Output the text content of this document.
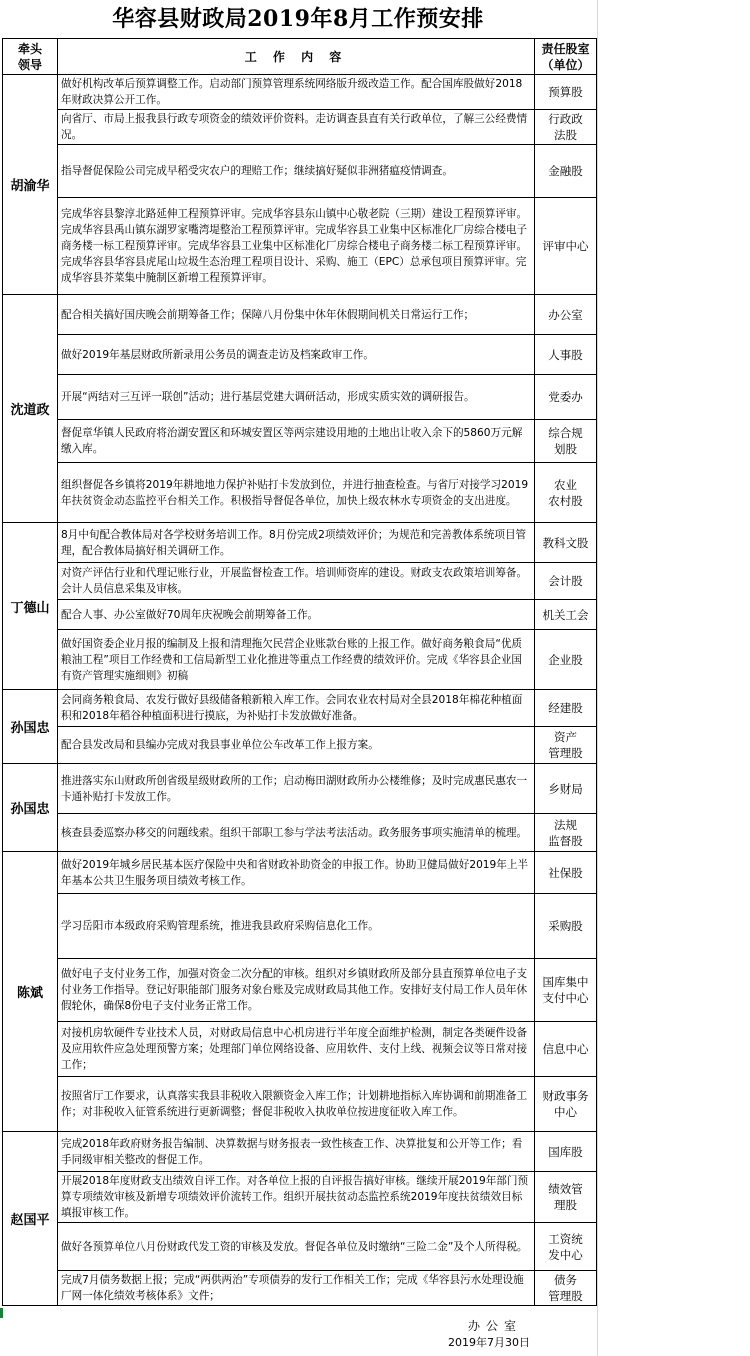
华容县财政局2019年8月工作预安排
牵头
领导	工 作 内 容	责任股室
（单位）
胡渝华	做好机构改革后预算调整工作。启动部门预算管理系统网络版升级改造工作。配合国库股做好2018年财政决算公开工作。	预算股
	向省厅、市局上报我县行政专项资金的绩效评价资料。走访调查县直有关行政单位，了解三公经费情况。	行政政
法股
	指导督促保险公司完成早稻受灾农户的理赔工作；继续搞好疑似非洲猪瘟疫情调查。	金融股
	完成华容县黎淳北路延伸工程预算评审。完成华容县东山镇中心敬老院（三期）建设工程预算评审。完成华容县禹山镇东湖罗家嘴湾堤整治工程预算评审。完成华容县工业集中区标准化厂房综合楼电子商务楼一标工程预算评审。完成华容县工业集中区标准化厂房综合楼电子商务楼二标工程预算评审。完成华容县华容县虎尾山垃圾生态治理工程项目设计、采购、施工（EPC）总承包项目预算评审。完成华容县芥菜集中腌制区新增工程预算评审。	评审中心
沈道政	配合相关搞好国庆晚会前期筹备工作；保障八月份集中休年休假期间机关日常运行工作；	办公室
	做好2019年基层财政所新录用公务员的调查走访及档案政审工作。	人事股
	开展“两结对三互评一联创”活动；进行基层党建大调研活动，形成实质实效的调研报告。	党委办
	督促章华镇人民政府将治湖安置区和环城安置区等两宗建设用地的土地出让收入余下的5860万元解缴入库。	综合规
划股
	组织督促各乡镇将2019年耕地地力保护补贴打卡发放到位，并进行抽查检查。与省厅对接学习2019年扶贫资金动态监控平台相关工作。积极指导督促各单位，加快上级农林水专项资金的支出进度。	农业
农村股
丁德山	8月中旬配合教体局对各学校财务培训工作。8月份完成2项绩效评价；为规范和完善教体系统项目管理，配合教体局搞好相关调研工作。	教科文股
	对资产评估行业和代理记账行业，开展监督检查工作。培训师资库的建设。财政支农政策培训筹备。会计人员信息采集及审核。	会计股
	配合人事、办公室做好70周年庆祝晚会前期筹备工作。	机关工会
	做好国资委企业月报的编制及上报和清理拖欠民营企业账款台账的上报工作。做好商务粮食局“优质粮油工程”项目工作经费和工信局新型工业化推进等重点工作经费的绩效评价。完成《华容县企业国有资产管理实施细则》初稿	企业股
孙国忠	会同商务粮食局、农发行做好县级储备粮新粮入库工作。会同农业农村局对全县2018年棉花种植面积和2018年稻谷种植面积进行摸底，为补贴打卡发放做好准备。	经建股
	配合县发改局和县编办完成对我县事业单位公车改革工作上报方案。	资产
管理股
孙国忠	推进落实东山财政所创省级星级财政所的工作；启动梅田湖财政所办公楼维修；及时完成惠民惠农一卡通补贴打卡发放工作。	乡财局
	核查县委巡察办移交的问题线索。组织干部职工参与学法考法活动。政务服务事项实施清单的梳理。	法规
监督股
陈斌	做好2019年城乡居民基本医疗保险中央和省财政补助资金的申报工作。协助卫健局做好2019年上半年基本公共卫生服务项目绩效考核工作。	社保股
	学习岳阳市本级政府采购管理系统，推进我县政府采购信息化工作。	采购股
	做好电子支付业务工作，加强对资金二次分配的审核。组织对乡镇财政所及部分县直预算单位电子支付业务工作指导。登记好职能部门服务对象台账及完成财政局其他工作。安排好支付局工作人员年休假轮休，确保8份电子支付业务正常工作。	国库集中
支付中心
	对接机房软硬件专业技术人员，对财政局信息中心机房进行半年度全面维护检测，制定各类硬件设备及应用软件应急处理预警方案；处理部门单位网络设备、应用软件、支付上线、视频会议等日常对接工作；	信息中心
	按照省厅工作要求，认真落实我县非税收入限额资金入库工作；计划耕地指标入库协调和前期准备工作；对非税收入征管系统进行更新调整；督促非税收入执收单位按进度征收入库工作。	财政事务
中心
赵国平	完成2018年政府财务报告编制、决算数据与财务报表一致性核查工作、决算批复和公开等工作；看手同级审相关整改的督促工作。	国库股
	开展2018年度财政支出绩效自评工作。对各单位上报的自评报告搞好审核。继续开展2019年部门预算专项绩效审核及新增专项绩效评价流转工作。组织开展扶贫动态监控系统2019年度扶贫绩效目标填报审核工作。	绩效管
理股
	做好各预算单位八月份财政代发工资的审核及发放。督促各单位及时缴纳“三险二金”及个人所得税。	工资统
发中心
	完成7月债务数据上报；完成“两供两治”专项债券的发行工作相关工作；完成《华容县污水处理设施厂网一体化绩效考核体系》文件；	债务
管理股
办公室
2019年7月30日
